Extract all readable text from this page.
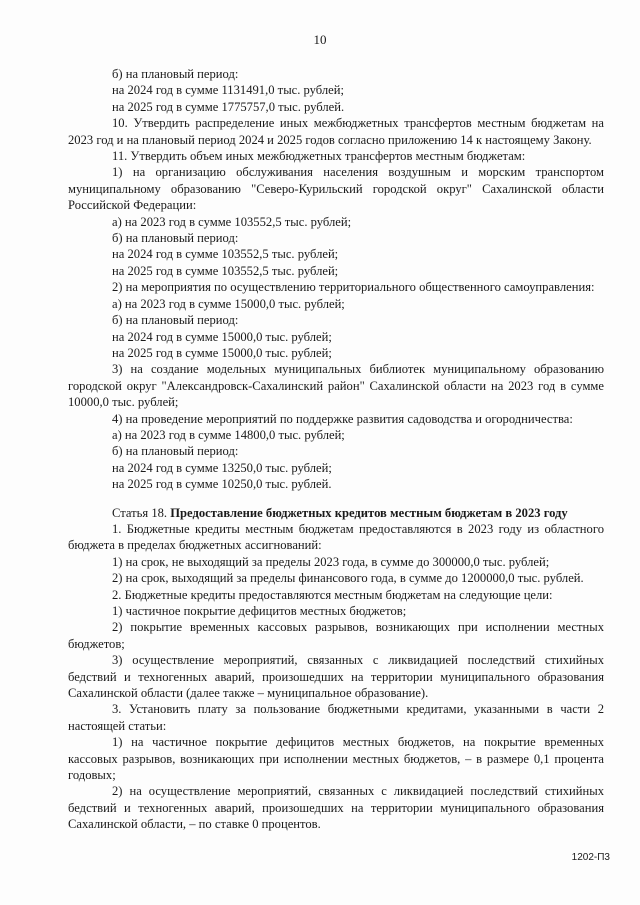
10

б) на плановый период:

на 2024 год в сумме 1131491,0 тыс. рублей;

на 2025 год в сумме 1775757,0 тыс. рублей.

10. Утвердить распределение иных межбюджетных трансфертов местным бюджетам на 2023 год и на плановый период 2024 и 2025 годов согласно приложению 14 к настоящему Закону.

11. Утвердить объем иных межбюджетных трансфертов местным бюджетам:

1) на организацию обслуживания населения воздушным и морским транспортом муниципальному образованию "Северо-Курильский городской округ" Сахалинской области Российской Федерации:

а) на 2023 год в сумме 103552,5 тыс. рублей;

б) на плановый период:

на 2024 год в сумме 103552,5 тыс. рублей;

на 2025 год в сумме 103552,5 тыс. рублей;

2) на мероприятия по осуществлению территориального общественного самоуправления:

а) на 2023 год в сумме 15000,0 тыс. рублей;

б) на плановый период:

на 2024 год в сумме 15000,0 тыс. рублей;

на 2025 год в сумме 15000,0 тыс. рублей;

3) на создание модельных муниципальных библиотек муниципальному образованию городской округ "Александровск-Сахалинский район" Сахалинской области на 2023 год в сумме 10000,0 тыс. рублей;

4) на проведение мероприятий по поддержке развития садоводства и огородничества:

а) на 2023 год в сумме 14800,0 тыс. рублей;

б) на плановый период:

на 2024 год в сумме 13250,0 тыс. рублей;

на 2025 год в сумме 10250,0 тыс. рублей.

Статья 18. Предоставление бюджетных кредитов местным бюджетам в 2023 году

1. Бюджетные кредиты местным бюджетам предоставляются в 2023 году из областного бюджета в пределах бюджетных ассигнований:

1) на срок, не выходящий за пределы 2023 года, в сумме до 300000,0 тыс. рублей;

2) на срок, выходящий за пределы финансового года, в сумме до 1200000,0 тыс. рублей.

2. Бюджетные кредиты предоставляются местным бюджетам на следующие цели:

1) частичное покрытие дефицитов местных бюджетов;

2) покрытие временных кассовых разрывов, возникающих при исполнении местных бюджетов;

3) осуществление мероприятий, связанных с ликвидацией последствий стихийных бедствий и техногенных аварий, произошедших на территории муниципального образования Сахалинской области (далее также – муниципальное образование).

3. Установить плату за пользование бюджетными кредитами, указанными в части 2 настоящей статьи:

1) на частичное покрытие дефицитов местных бюджетов, на покрытие временных кассовых разрывов, возникающих при исполнении местных бюджетов, – в размере 0,1 процента годовых;

2) на осуществление мероприятий, связанных с ликвидацией последствий стихийных бедствий и техногенных аварий, произошедших на территории муниципального образования Сахалинской области, – по ставке 0 процентов.

1202-П3
